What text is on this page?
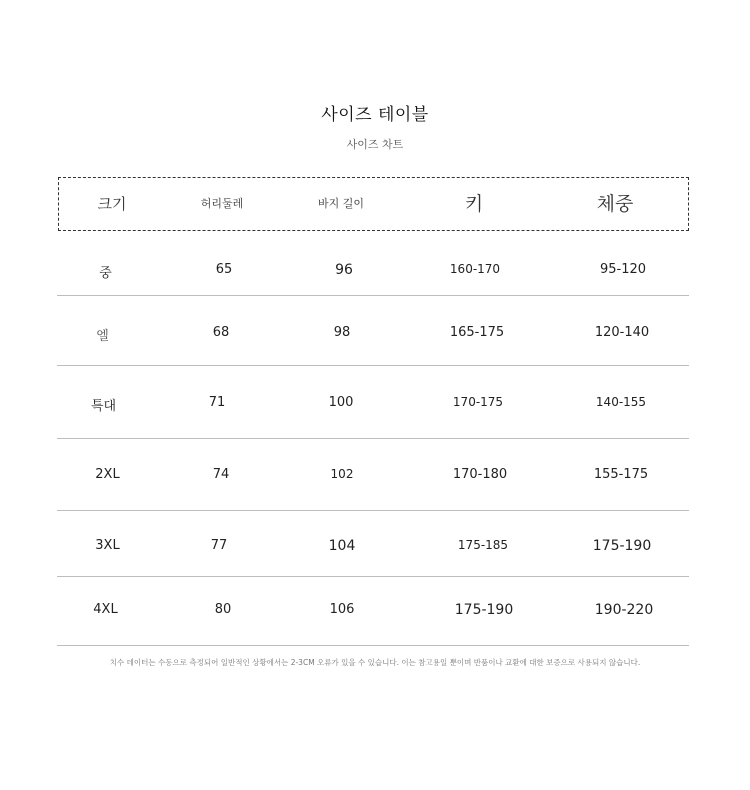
사이즈 테이블
사이즈 차트
크기	허리둘레	바지 길이	키	체중
중	65	96	160-170	95-120
엘	68	98	165-175	120-140
특대	71	100	170-175	140-155
2XL	74	102	170-180	155-175
3XL	77	104	175-185	175-190
4XL	80	106	175-190	190-220
치수 데이터는 수동으로 측정되어 일반적인 상황에서는 2-3CM 오류가 있을 수 있습니다. 이는 참고용일 뿐이며 반품이나 교환에 대한 보증으로 사용되지 않습니다.
